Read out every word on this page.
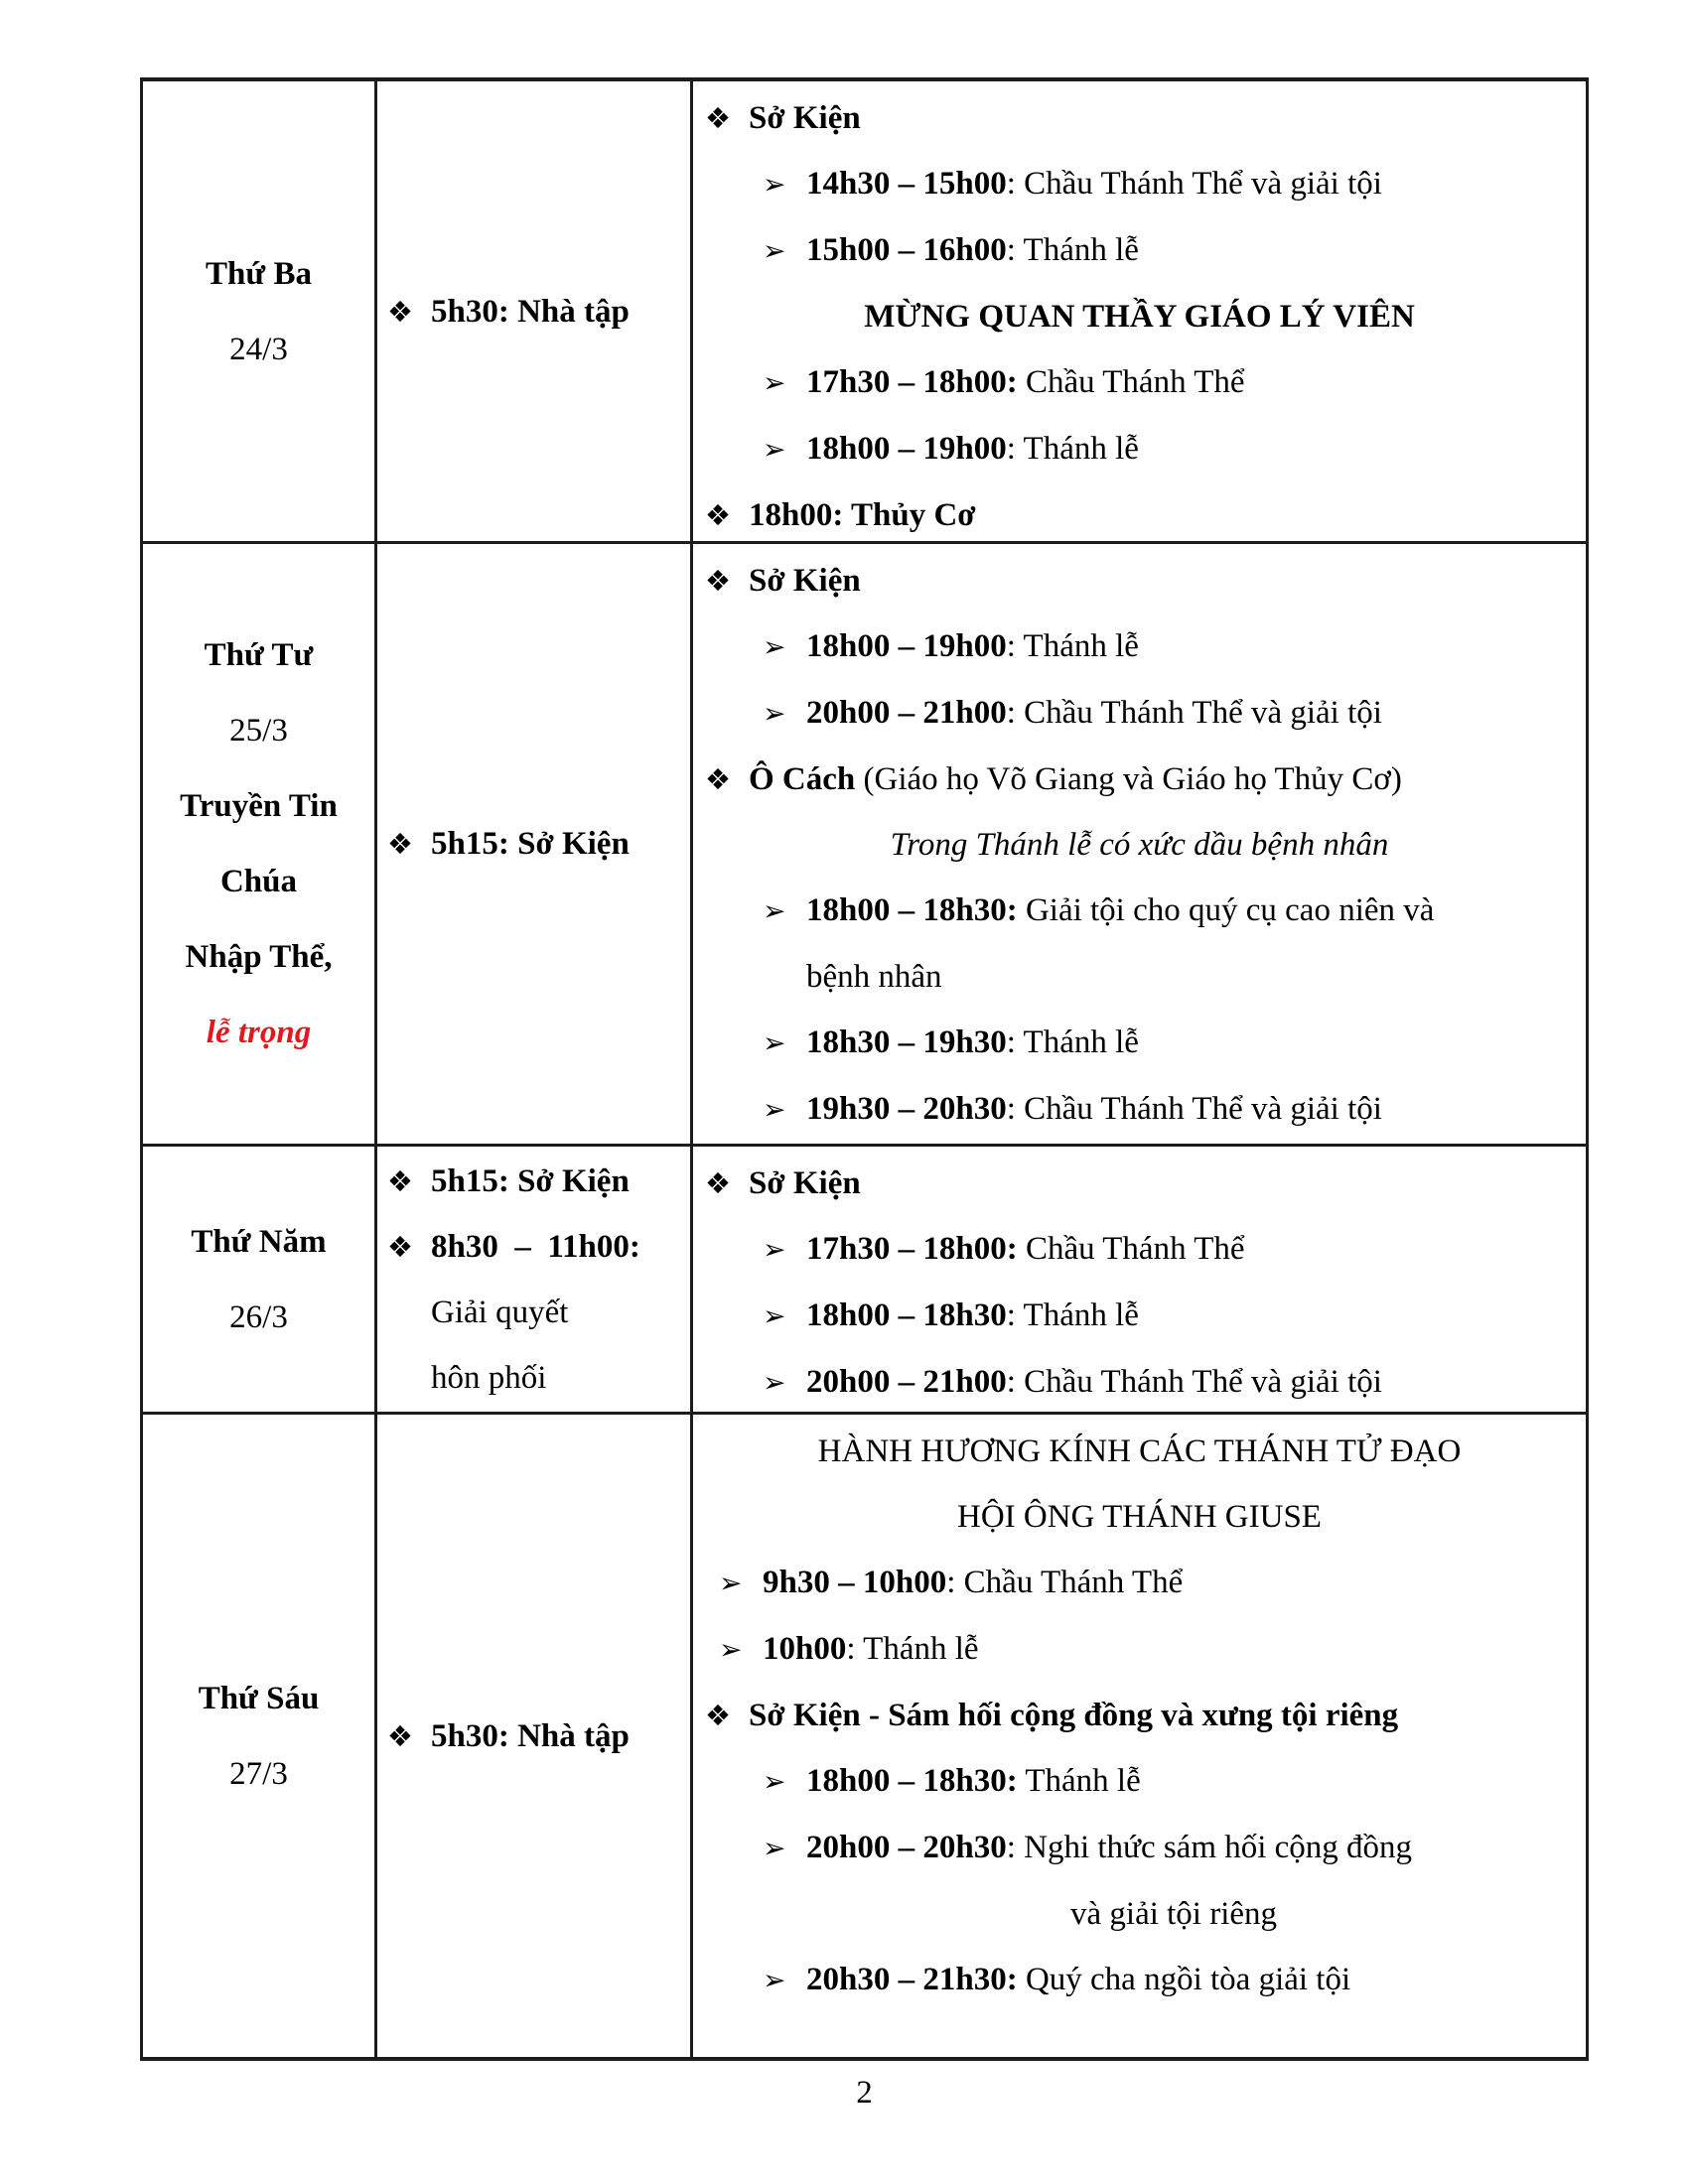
Thứ Ba
24/3
❖ 5h30: Nhà tập
❖ Sở Kiện
➢ 14h30 – 15h00: Chầu Thánh Thể và giải tội
➢ 15h00 – 16h00: Thánh lễ
MỪNG QUAN THẦY GIÁO LÝ VIÊN
➢ 17h30 – 18h00: Chầu Thánh Thể
➢ 18h00 – 19h00: Thánh lễ
❖ 18h00: Thủy Cơ
Thứ Tư
25/3
Truyền Tin
Chúa
Nhập Thể,
lễ trọng
❖ 5h15: Sở Kiện
❖ Sở Kiện
➢ 18h00 – 19h00: Thánh lễ
➢ 20h00 – 21h00: Chầu Thánh Thể và giải tội
❖ Ô Cách (Giáo họ Võ Giang và Giáo họ Thủy Cơ)
Trong Thánh lễ có xức dầu bệnh nhân
➢ 18h00 – 18h30: Giải tội cho quý cụ cao niên và
bệnh nhân
➢ 18h30 – 19h30: Thánh lễ
➢ 19h30 – 20h30: Chầu Thánh Thể và giải tội
Thứ Năm
26/3
❖ 5h15: Sở Kiện
❖ 8h30  –  11h00:
Giải quyết
hôn phối
❖ Sở Kiện
➢ 17h30 – 18h00: Chầu Thánh Thể
➢ 18h00 – 18h30: Thánh lễ
➢ 20h00 – 21h00: Chầu Thánh Thể và giải tội
Thứ Sáu
27/3
❖ 5h30: Nhà tập
HÀNH HƯƠNG KÍNH CÁC THÁNH TỬ ĐẠO
HỘI ÔNG THÁNH GIUSE
➢ 9h30 – 10h00: Chầu Thánh Thể
➢ 10h00: Thánh lễ
❖ Sở Kiện - Sám hối cộng đồng và xưng tội riêng
➢ 18h00 – 18h30: Thánh lễ
➢ 20h00 – 20h30: Nghi thức sám hối cộng đồng
và giải tội riêng
➢ 20h30 – 21h30: Quý cha ngồi tòa giải tội
2
